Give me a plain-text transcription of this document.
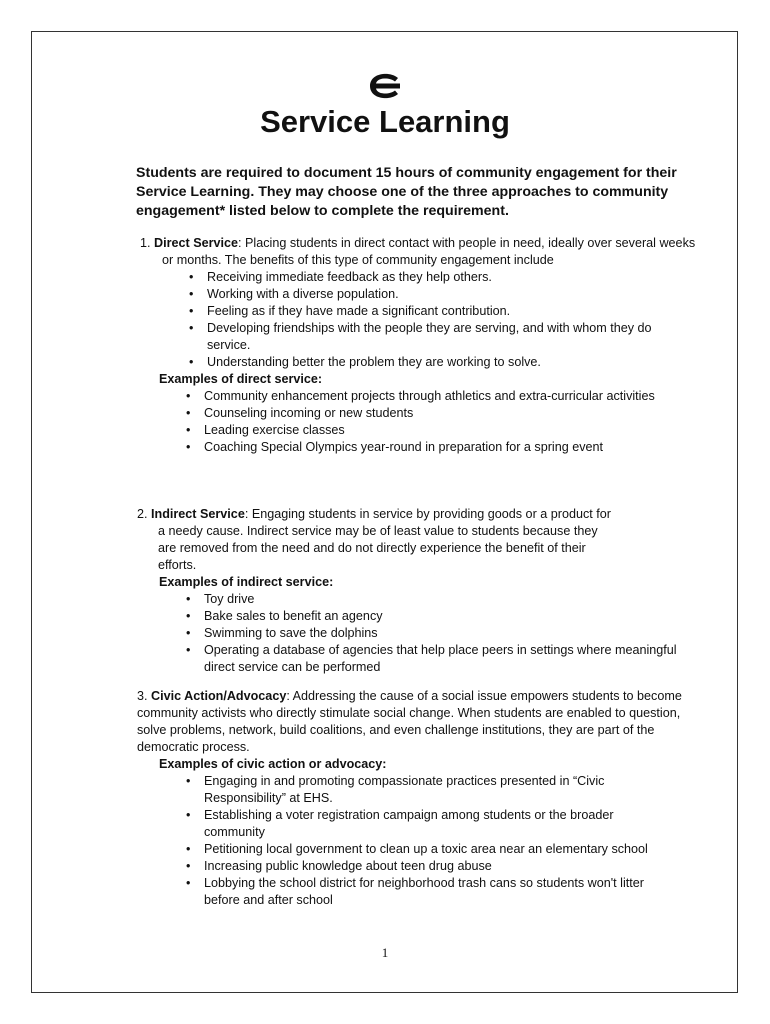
Service Learning

Students are required to document 15 hours of community engagement for their Service Learning. They may choose one of the three approaches to community engagement* listed below to complete the requirement.

1. Direct Service: Placing students in direct contact with people in need, ideally over several weeks or months. The benefits of this type of community engagement include

• Receiving immediate feedback as they help others.
• Working with a diverse population.
• Feeling as if they have made a significant contribution.
• Developing friendships with the people they are serving, and with whom they do service.
• Understanding better the problem they are working to solve.

Examples of direct service:

• Community enhancement projects through athletics and extra-curricular activities
• Counseling incoming or new students
• Leading exercise classes
• Coaching Special Olympics year-round in preparation for a spring event

2. Indirect Service: Engaging students in service by providing goods or a product for a needy cause. Indirect service may be of least value to students because they are removed from the need and do not directly experience the benefit of their efforts.

Examples of indirect service:

• Toy drive
• Bake sales to benefit an agency
• Swimming to save the dolphins
• Operating a database of agencies that help place peers in settings where meaningful direct service can be performed

3. Civic Action/Advocacy: Addressing the cause of a social issue empowers students to become community activists who directly stimulate social change. When students are enabled to question, solve problems, network, build coalitions, and even challenge institutions, they are part of the democratic process.

Examples of civic action or advocacy:

• Engaging in and promoting compassionate practices presented in “Civic Responsibility” at EHS.
• Establishing a voter registration campaign among students or the broader community
• Petitioning local government to clean up a toxic area near an elementary school
• Increasing public knowledge about teen drug abuse
• Lobbying the school district for neighborhood trash cans so students won't litter before and after school
1
